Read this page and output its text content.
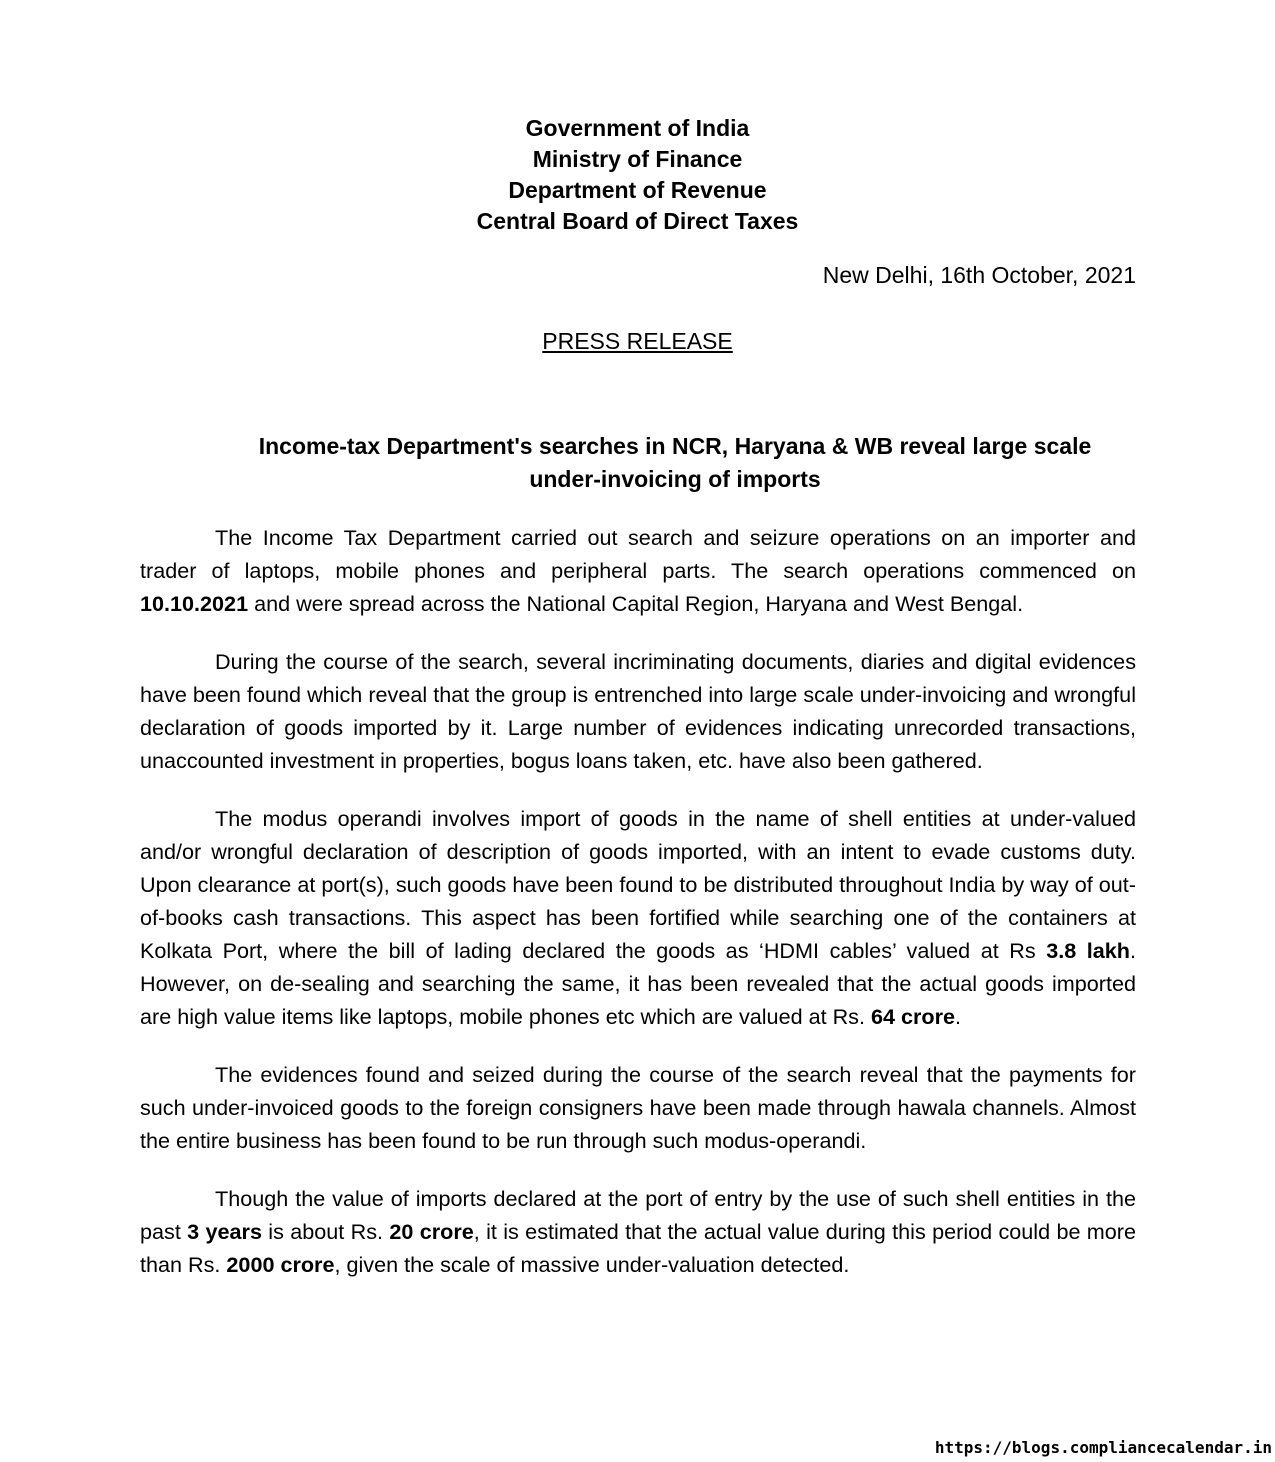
Government of India
Ministry of Finance
Department of Revenue
Central Board of Direct Taxes
New Delhi, 16th October, 2021
PRESS RELEASE
Income-tax Department's searches in NCR, Haryana & WB reveal large scale under-invoicing of imports

The Income Tax Department carried out search and seizure operations on an importer and trader of laptops, mobile phones and peripheral parts. The search operations commenced on 10.10.2021 and were spread across the National Capital Region, Haryana and West Bengal.

During the course of the search, several incriminating documents, diaries and digital evidences have been found which reveal that the group is entrenched into large scale under-invoicing and wrongful declaration of goods imported by it. Large number of evidences indicating unrecorded transactions, unaccounted investment in properties, bogus loans taken, etc. have also been gathered.

The modus operandi involves import of goods in the name of shell entities at under-valued and/or wrongful declaration of description of goods imported, with an intent to evade customs duty. Upon clearance at port(s), such goods have been found to be distributed throughout India by way of out-of-books cash transactions. This aspect has been fortified while searching one of the containers at Kolkata Port, where the bill of lading declared the goods as ‘HDMI cables’ valued at Rs 3.8 lakh. However, on de-sealing and searching the same, it has been revealed that the actual goods imported are high value items like laptops, mobile phones etc which are valued at Rs. 64 crore.

The evidences found and seized during the course of the search reveal that the payments for such under-invoiced goods to the foreign consigners have been made through hawala channels. Almost the entire business has been found to be run through such modus-operandi.

Though the value of imports declared at the port of entry by the use of such shell entities in the past 3 years is about Rs. 20 crore, it is estimated that the actual value during this period could be more than Rs. 2000 crore, given the scale of massive under-valuation detected.

https://blogs.compliancecalendar.in
